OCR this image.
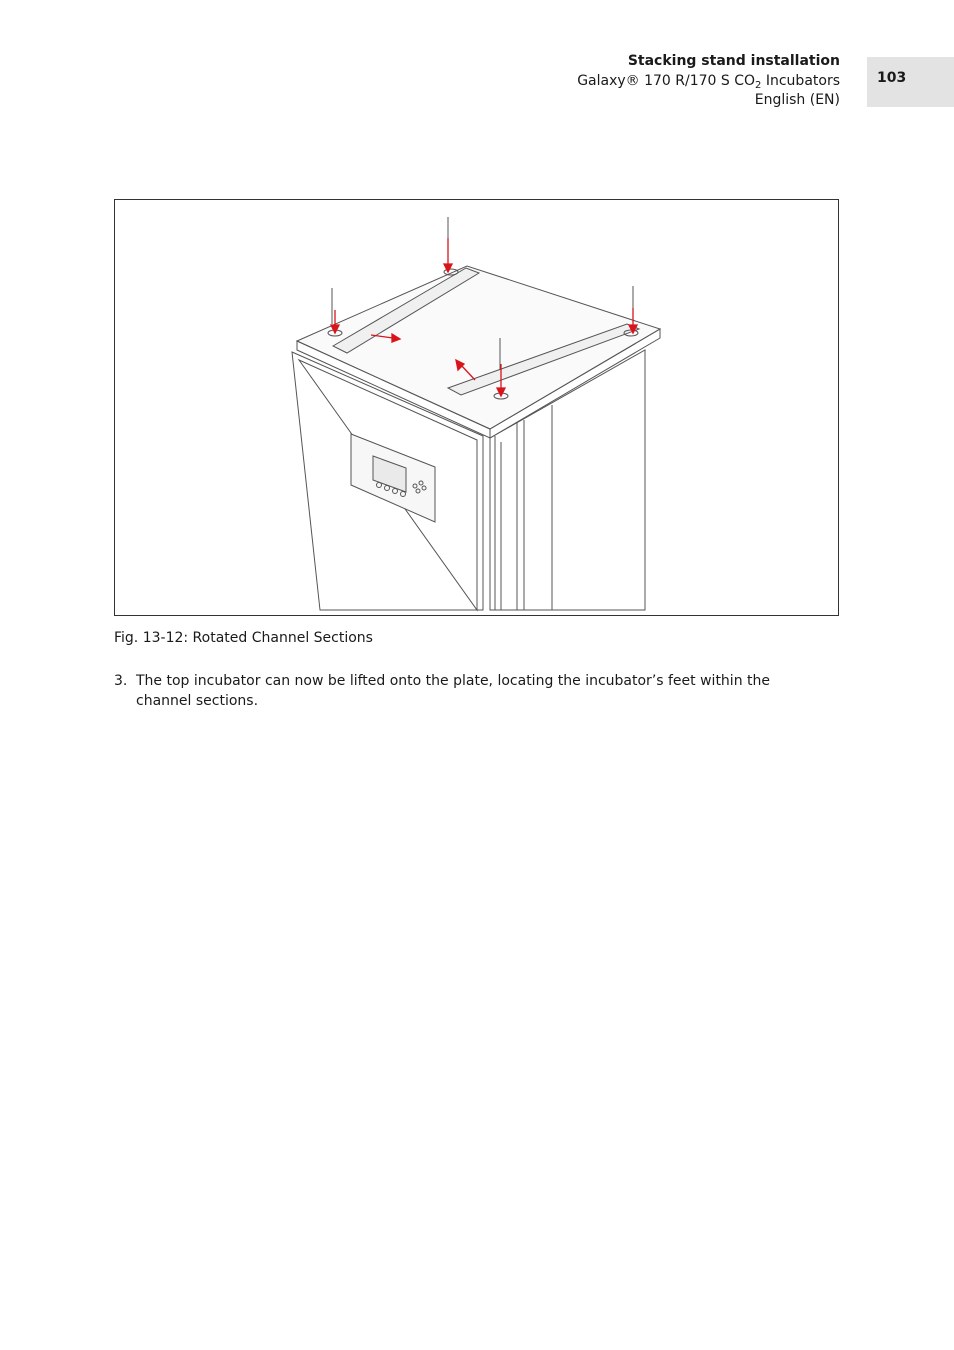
Stacking stand installation
Galaxy® 170 R/170 S $CO_2$ Incubators
English (EN)
103
Fig. 13-12: Rotated Channel Sections
3. The top incubator can now be lifted onto the plate, locating the incubator’s feet within the channel sections.
